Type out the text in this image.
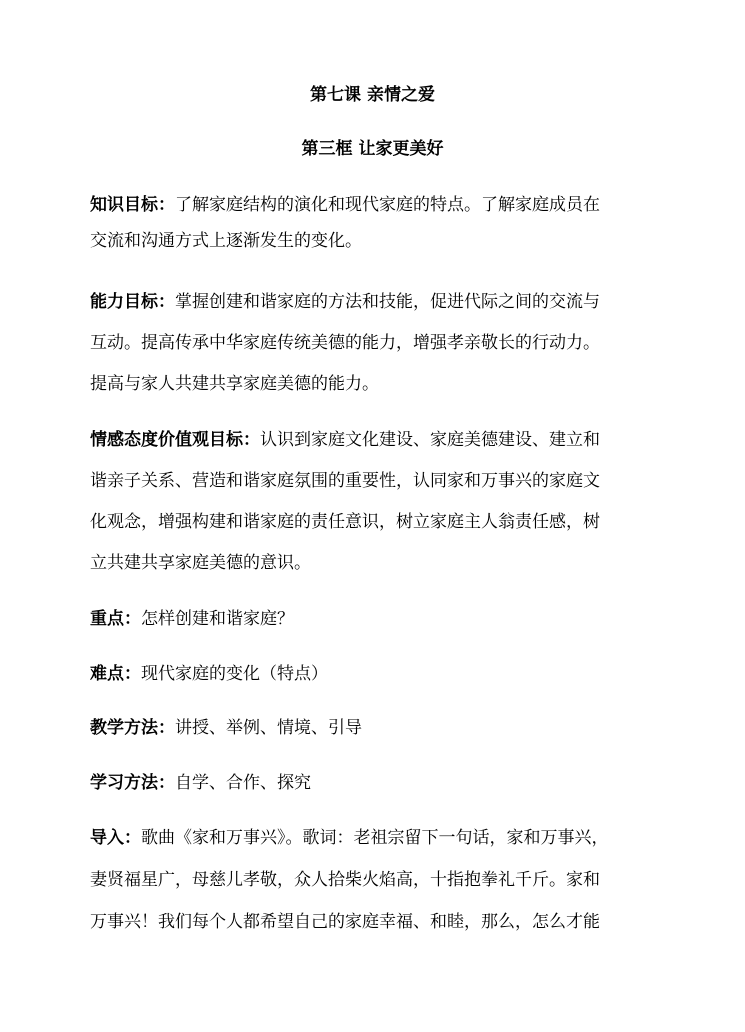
第七课 亲情之爱
第三框 让家更美好
知识目标：了解家庭结构的演化和现代家庭的特点。了解家庭成员在
交流和沟通方式上逐渐发生的变化。
能力目标：掌握创建和谐家庭的方法和技能，促进代际之间的交流与
互动。提高传承中华家庭传统美德的能力，增强孝亲敬长的行动力。
提高与家人共建共享家庭美德的能力。
情感态度价值观目标：认识到家庭文化建设、家庭美德建设、建立和
谐亲子关系、营造和谐家庭氛围的重要性，认同家和万事兴的家庭文
化观念，增强构建和谐家庭的责任意识，树立家庭主人翁责任感，树
立共建共享家庭美德的意识。
重点：怎样创建和谐家庭？
难点：现代家庭的变化（特点）
教学方法：讲授、举例、情境、引导
学习方法：自学、合作、探究
导入：歌曲《家和万事兴》。歌词：老祖宗留下一句话，家和万事兴，
妻贤福星广，母慈儿孝敬，众人拾柴火焰高，十指抱拳礼千斤。家和
万事兴！我们每个人都希望自己的家庭幸福、和睦，那么，怎么才能
